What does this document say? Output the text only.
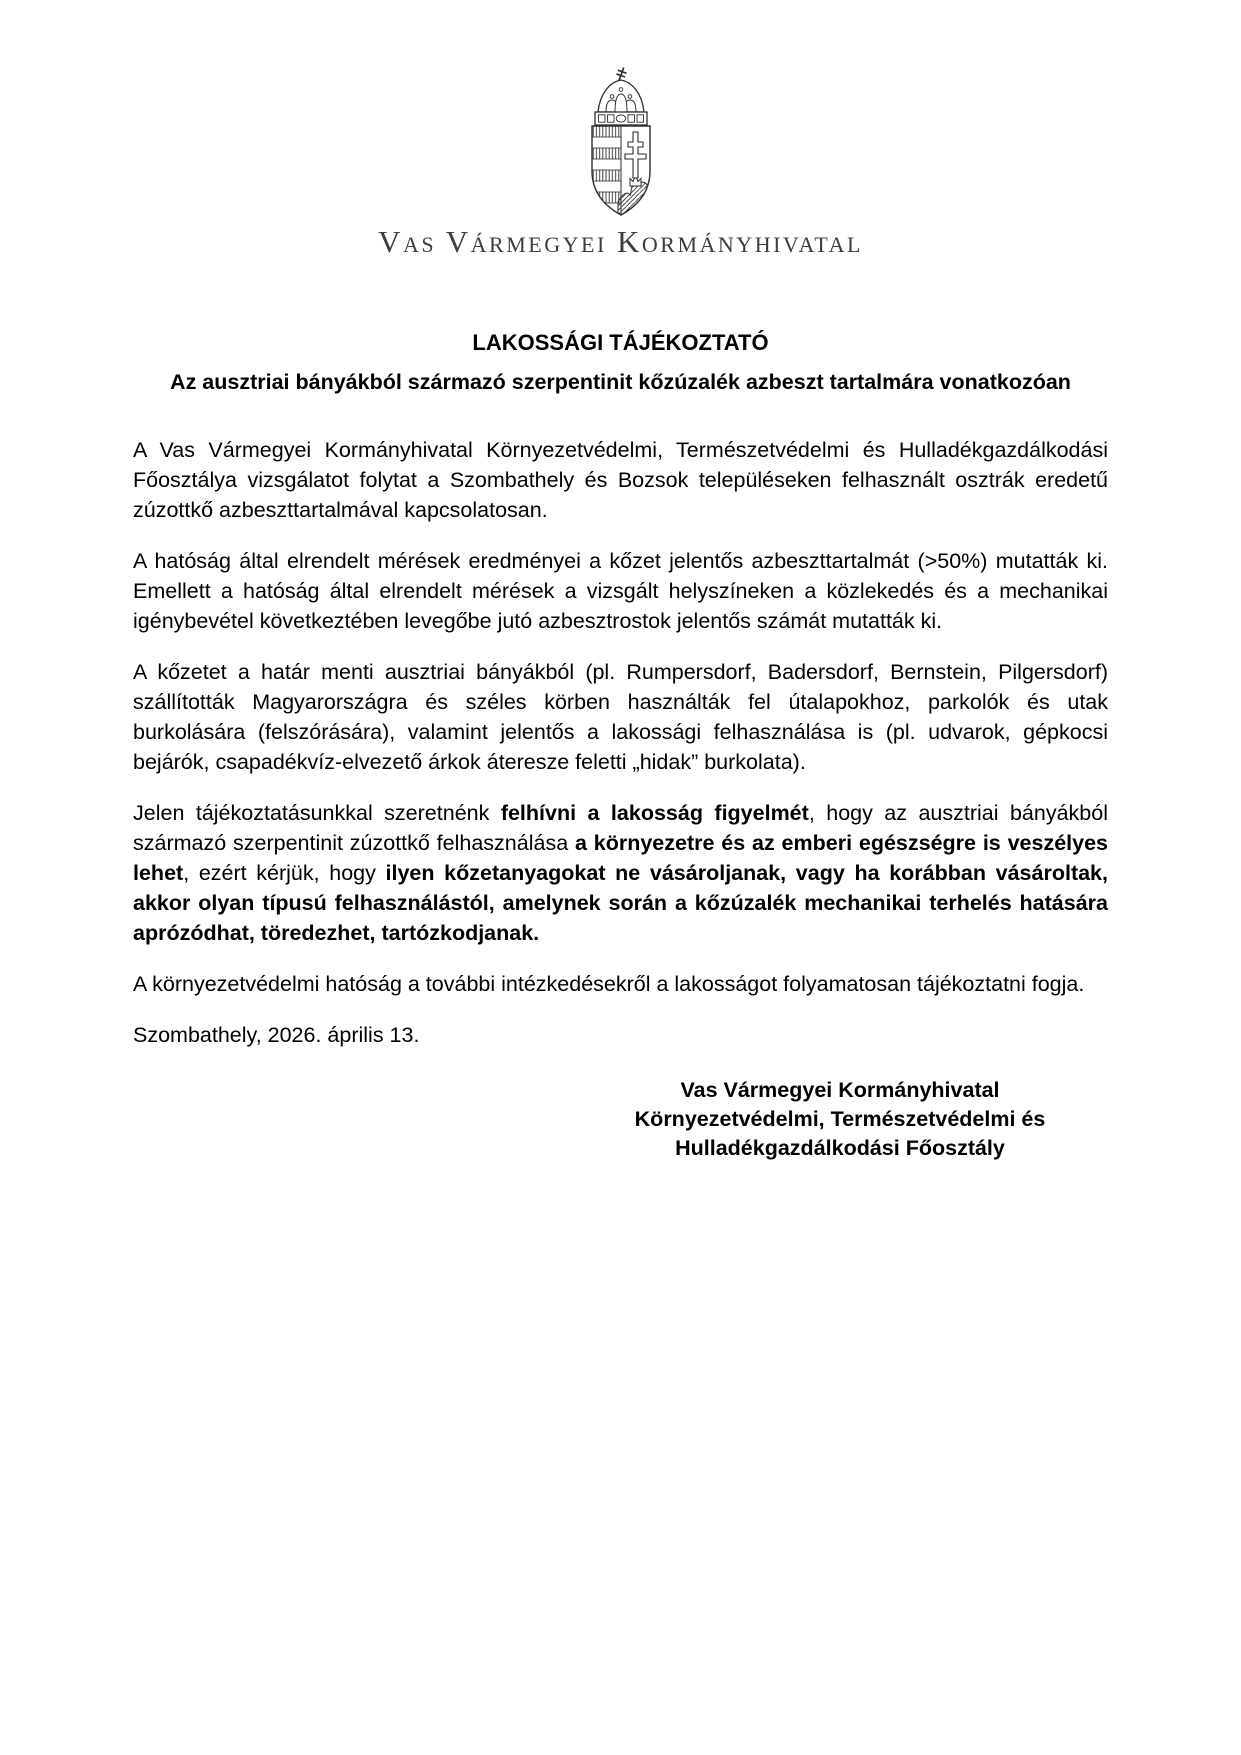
Vas Vármegyei Kormányhivatal
LAKOSSÁGI TÁJÉKOZTATÓ
Az ausztriai bányákból származó szerpentinit kőzúzalék azbeszt tartalmára vonatkozóan

A Vas Vármegyei Kormányhivatal Környezetvédelmi, Természetvédelmi és Hulladékgazdálkodási Főosztálya vizsgálatot folytat a Szombathely és Bozsok településeken felhasznált osztrák eredetű zúzottkő azbeszttartalmával kapcsolatosan.

A hatóság által elrendelt mérések eredményei a kőzet jelentős azbeszttartalmát (>50%) mutatták ki. Emellett a hatóság által elrendelt mérések a vizsgált helyszíneken a közlekedés és a mechanikai igénybevétel következtében levegőbe jutó azbesztrostok jelentős számát mutatták ki.

A kőzetet a határ menti ausztriai bányákból (pl. Rumpersdorf, Badersdorf, Bernstein, Pilgersdorf) szállították Magyarországra és széles körben használták fel útalapokhoz, parkolók és utak burkolására (felszórására), valamint jelentős a lakossági felhasználása is (pl. udvarok, gépkocsi bejárók, csapadékvíz-elvezető árkok áteresze feletti „hidak” burkolata).

Jelen tájékoztatásunkkal szeretnénk felhívni a lakosság figyelmét, hogy az ausztriai bányákból származó szerpentinit zúzottkő felhasználása a környezetre és az emberi egészségre is veszélyes lehet, ezért kérjük, hogy ilyen kőzetanyagokat ne vásároljanak, vagy ha korábban vásároltak, akkor olyan típusú felhasználástól, amelynek során a kőzúzalék mechanikai terhelés hatására aprózódhat, töredezhet, tartózkodjanak.

A környezetvédelmi hatóság a további intézkedésekről a lakosságot folyamatosan tájékoztatni fogja.

Szombathely, 2026. április 13.

Vas Vármegyei Kormányhivatal
Környezetvédelmi, Természetvédelmi és
Hulladékgazdálkodási Főosztály
